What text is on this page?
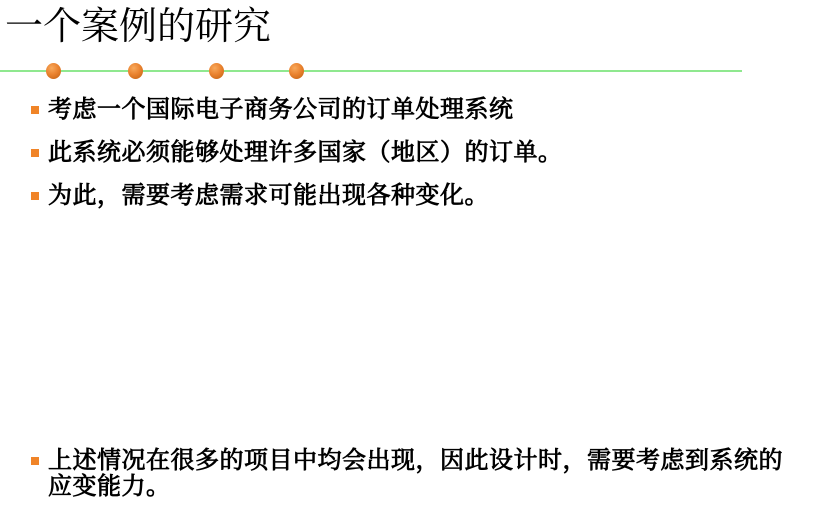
一个案例的研究
考虑一个国际电子商务公司的订单处理系统
此系统必须能够处理许多国家（地区）的订单。
为此，需要考虑需求可能出现各种变化。
上述情况在很多的项目中均会出现，因此设计时，需要考虑到系统的应变能力。
